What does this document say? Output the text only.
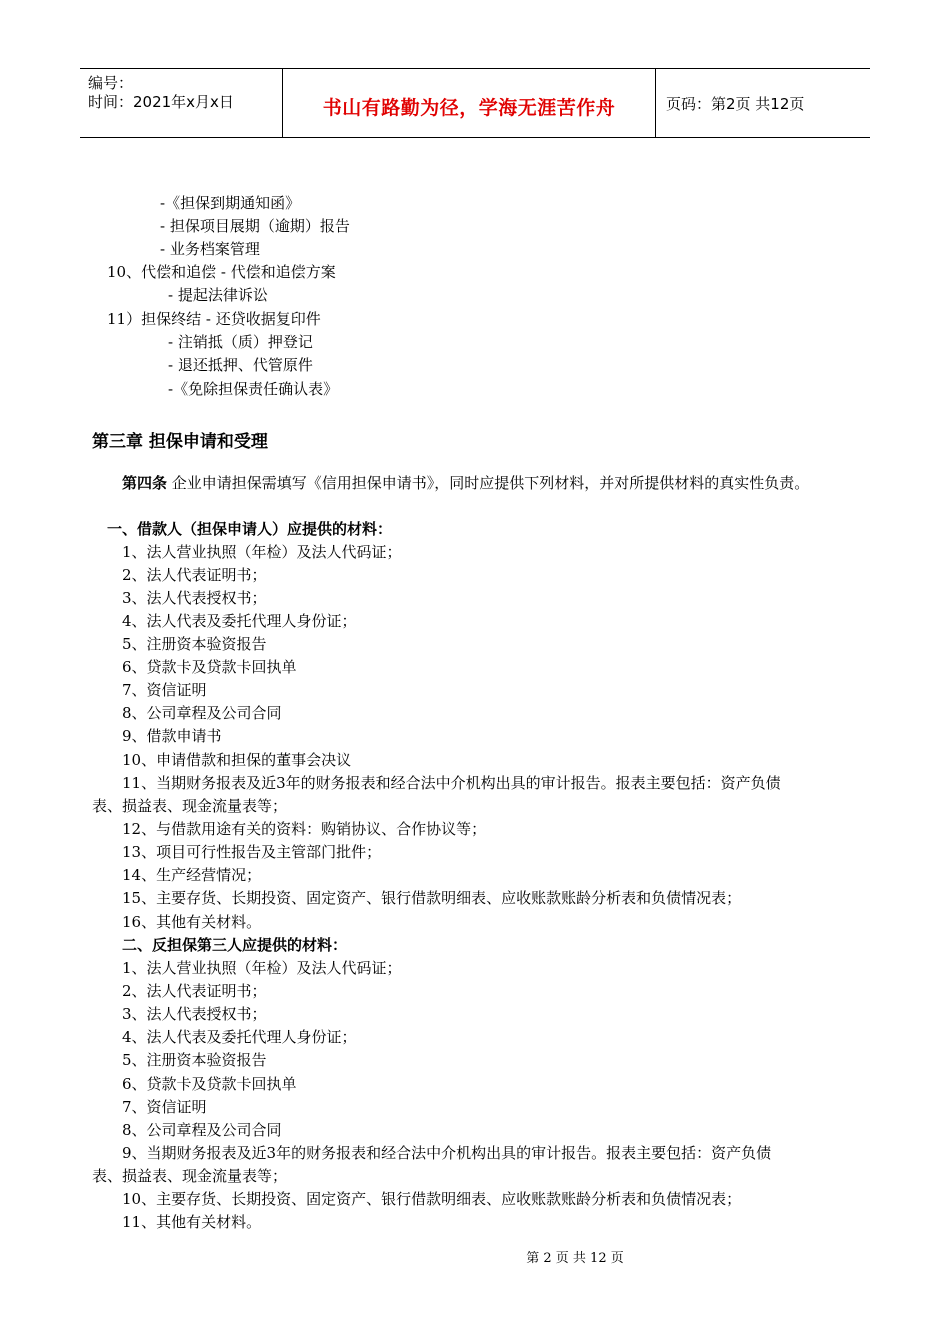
编号：
时间：2021年x月x日	书山有路勤为径，学海无涯苦作舟	页码：第2页 共12页
-《担保到期通知函》
- 担保项目展期（逾期）报告
- 业务档案管理
10、代偿和追偿 - 代偿和追偿方案
- 提起法律诉讼
11）担保终结 - 还贷收据复印件
- 注销抵（质）押登记
- 退还抵押、代管原件
-《免除担保责任确认表》
第三章 担保申请和受理
第四条 企业申请担保需填写《信用担保申请书》，同时应提供下列材料，并对所提供材料的真实性负责。
一、借款人（担保申请人）应提供的材料：
1、法人营业执照（年检）及法人代码证；
2、法人代表证明书；
3、法人代表授权书；
4、法人代表及委托代理人身份证；
5、注册资本验资报告
6、贷款卡及贷款卡回执单
7、资信证明
8、公司章程及公司合同
9、借款申请书
10、申请借款和担保的董事会决议
11、当期财务报表及近3年的财务报表和经合法中介机构出具的审计报告。报表主要包括：资产负债
表、损益表、现金流量表等；
12、与借款用途有关的资料：购销协议、合作协议等；
13、项目可行性报告及主管部门批件；
14、生产经营情况；
15、主要存货、长期投资、固定资产、银行借款明细表、应收账款账龄分析表和负债情况表；
16、其他有关材料。
二、反担保第三人应提供的材料：
1、法人营业执照（年检）及法人代码证；
2、法人代表证明书；
3、法人代表授权书；
4、法人代表及委托代理人身份证；
5、注册资本验资报告
6、贷款卡及贷款卡回执单
7、资信证明
8、公司章程及公司合同
9、当期财务报表及近3年的财务报表和经合法中介机构出具的审计报告。报表主要包括：资产负债
表、损益表、现金流量表等；
10、主要存货、长期投资、固定资产、银行借款明细表、应收账款账龄分析表和负债情况表；
11、其他有关材料。
第 2 页 共 12 页
